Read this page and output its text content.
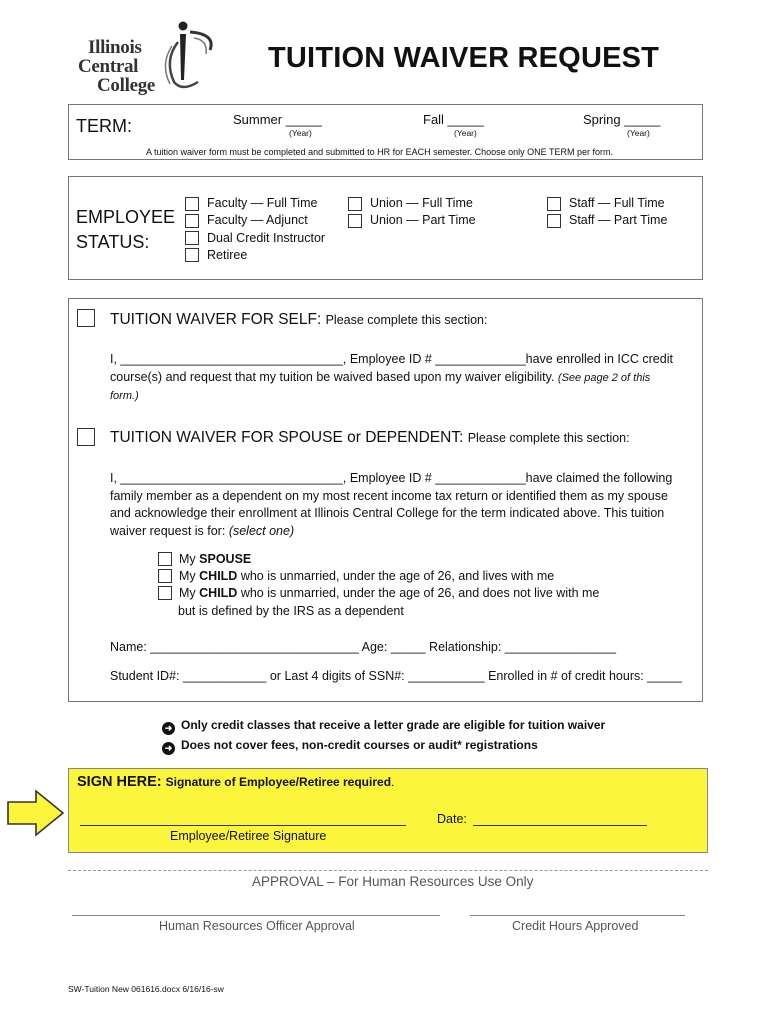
Illinois
Central
College
TUITION WAIVER REQUEST
TERM:	Summer _____
(Year)
Fall _____
(Year)
Spring _____
(Year)
A tuition waiver form must be completed and submitted to HR for EACH semester. Choose only ONE TERM per form.
EMPLOYEE
STATUS:
Faculty — Full Time
Faculty — Adjunct
Dual Credit Instructor
Retiree
Union — Full Time
Union — Part Time
Staff — Full Time
Staff — Part Time
TUITION WAIVER FOR SELF: Please complete this section:
I, ________________________________, Employee ID # _____________have enrolled in ICC credit
course(s) and request that my tuition be waived based upon my waiver eligibility. (See page 2 of this
form.)
TUITION WAIVER FOR SPOUSE or DEPENDENT: Please complete this section:
I, ________________________________, Employee ID # _____________have claimed the following
family member as a dependent on my most recent income tax return or identified them as my spouse
and acknowledge their enrollment at Illinois Central College for the term indicated above. This tuition
waiver request is for: (select one)
My SPOUSE
My CHILD who is unmarried, under the age of 26, and lives with me
My CHILD who is unmarried, under the age of 26, and does not live with me
but is defined by the IRS as a dependent
Name: ______________________________ Age: _____ Relationship: ________________
Student ID#: ____________ or Last 4 digits of SSN#: ___________ Enrolled in # of credit hours: _____
➜ Only credit classes that receive a letter grade are eligible for tuition waiver
➜ Does not cover fees, non-credit courses or audit* registrations
SIGN HERE: Signature of Employee/Retiree required.
Employee/Retiree Signature
Date:
APPROVAL – For Human Resources Use Only
Human Resources Officer Approval	Credit Hours Approved
SW-Tuition New 061616.docx 6/16/16-sw
